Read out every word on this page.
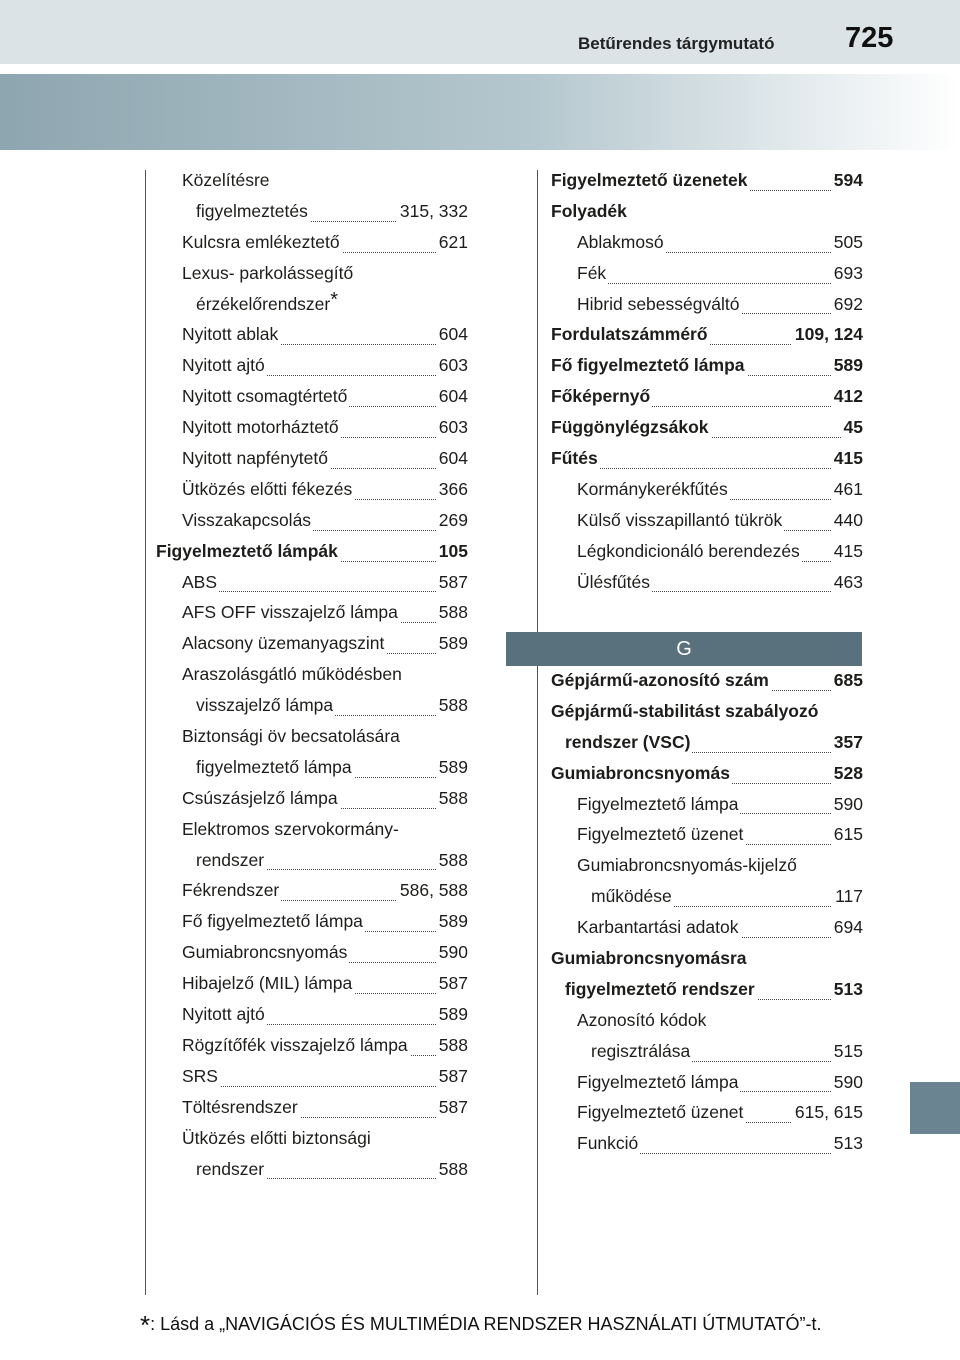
Betűrendes tárgymutató 725
Közelítésre
figyelmeztetés	315, 332
Kulcsra emlékeztető	621
Lexus- parkolássegítő
érzékelőrendszer*
Nyitott ablak	604
Nyitott ajtó	603
Nyitott csomagtértető	604
Nyitott motorháztető	603
Nyitott napfénytető	604
Ütközés előtti fékezés	366
Visszakapcsolás	269
Figyelmeztető lámpák	105
ABS	587
AFS OFF visszajelző lámpa 588
Alacsony üzemanyagszint	589
Araszolásgátló működésben
visszajelző lámpa	588
Biztonsági öv becsatolására
figyelmeztető lámpa	589
Csúszásjelző lámpa	588
Elektromos szervokormány-
rendszer	588
Fékrendszer	586, 588
Fő figyelmeztető lámpa	589
Gumiabroncsnyomás	590
Hibajelző (MIL) lámpa	587
Nyitott ajtó	589
Rögzítőfék visszajelző lámpa 588
SRS	587
Töltésrendszer	587
Ütközés előtti biztonsági
rendszer	588
Figyelmeztető üzenetek	594
Folyadék
Ablakmosó	505
Fék	693
Hibrid sebességváltó	692
Fordulatszámmérő	109, 124
Fő figyelmeztető lámpa	589
Főképernyő	412
Függönylégzsákok	45
Fűtés	415
Kormánykerékfűtés	461
Külső visszapillantó tükrök	440
Légkondicionáló berendezés 415
Ülésfűtés	463
G
Gépjármű-azonosító szám	685
Gépjármű-stabilitást szabályozó
rendszer (VSC)	357
Gumiabroncsnyomás	528
Figyelmeztető lámpa	590
Figyelmeztető üzenet	615
Gumiabroncsnyomás-kijelző
működése	117
Karbantartási adatok	694
Gumiabroncsnyomásra
figyelmeztető rendszer	513
Azonosító kódok
regisztrálása	515
Figyelmeztető lámpa	590
Figyelmeztető üzenet	615, 615
Funkció	513
*: Lásd a „NAVIGÁCIÓS ÉS MULTIMÉDIA RENDSZER HASZNÁLATI ÚTMUTATÓ”-t.
